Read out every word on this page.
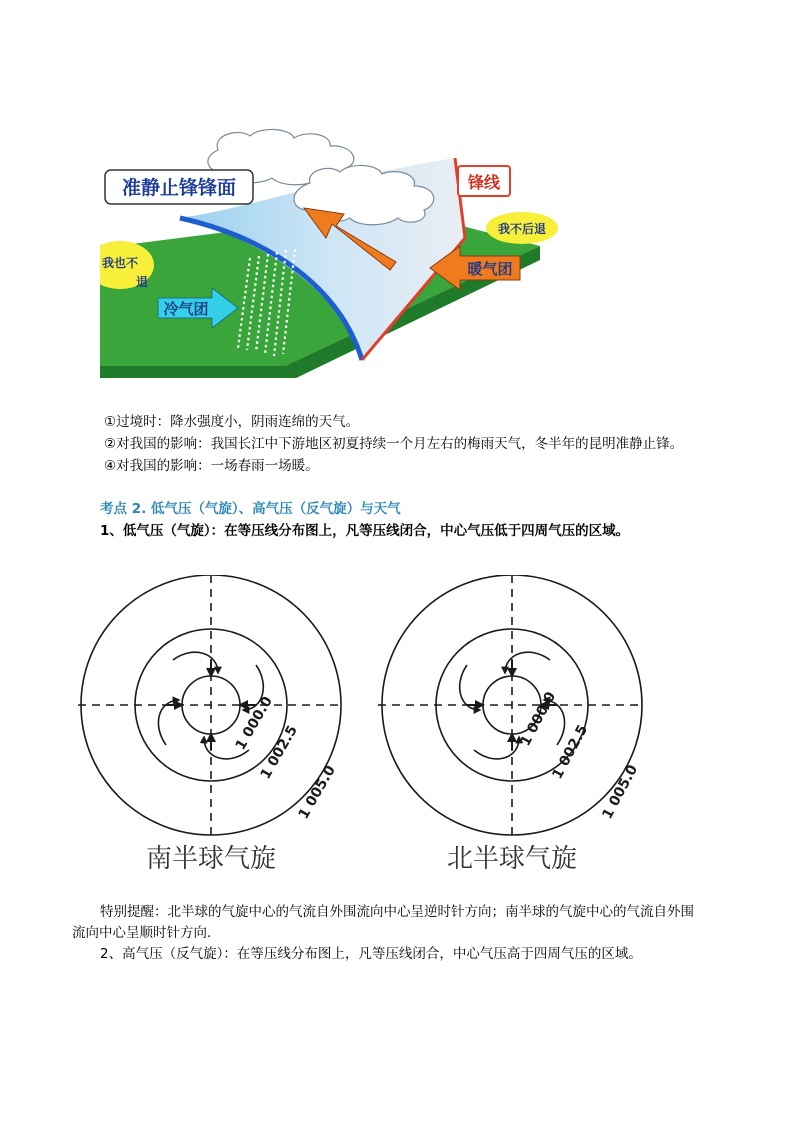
准静止锋锋面	锋线
冷气团
暖气团
我也不
退
我不后退
①过境时：降水强度小，阴雨连绵的天气。
②对我国的影响：我国长江中下游地区初夏持续一个月左右的梅雨天气，冬半年的昆明准静止锋。
④对我国的影响：一场春雨一场暖。
考点 2. 低气压（气旋）、高气压（反气旋）与天气
1、低气压（气旋）：在等压线分布图上，凡等压线闭合，中心气压低于四周气压的区域。
1 000.0
1 002.5
1 005.0
南半球气旋
1 000.0
1 002.5
1 005.0
北半球气旋
特别提醒：北半球的气旋中心的气流自外围流向中心呈逆时针方向；南半球的气旋中心的气流自外围
流向中心呈顺时针方向.
2、高气压（反气旋）：在等压线分布图上，凡等压线闭合，中心气压高于四周气压的区域。
